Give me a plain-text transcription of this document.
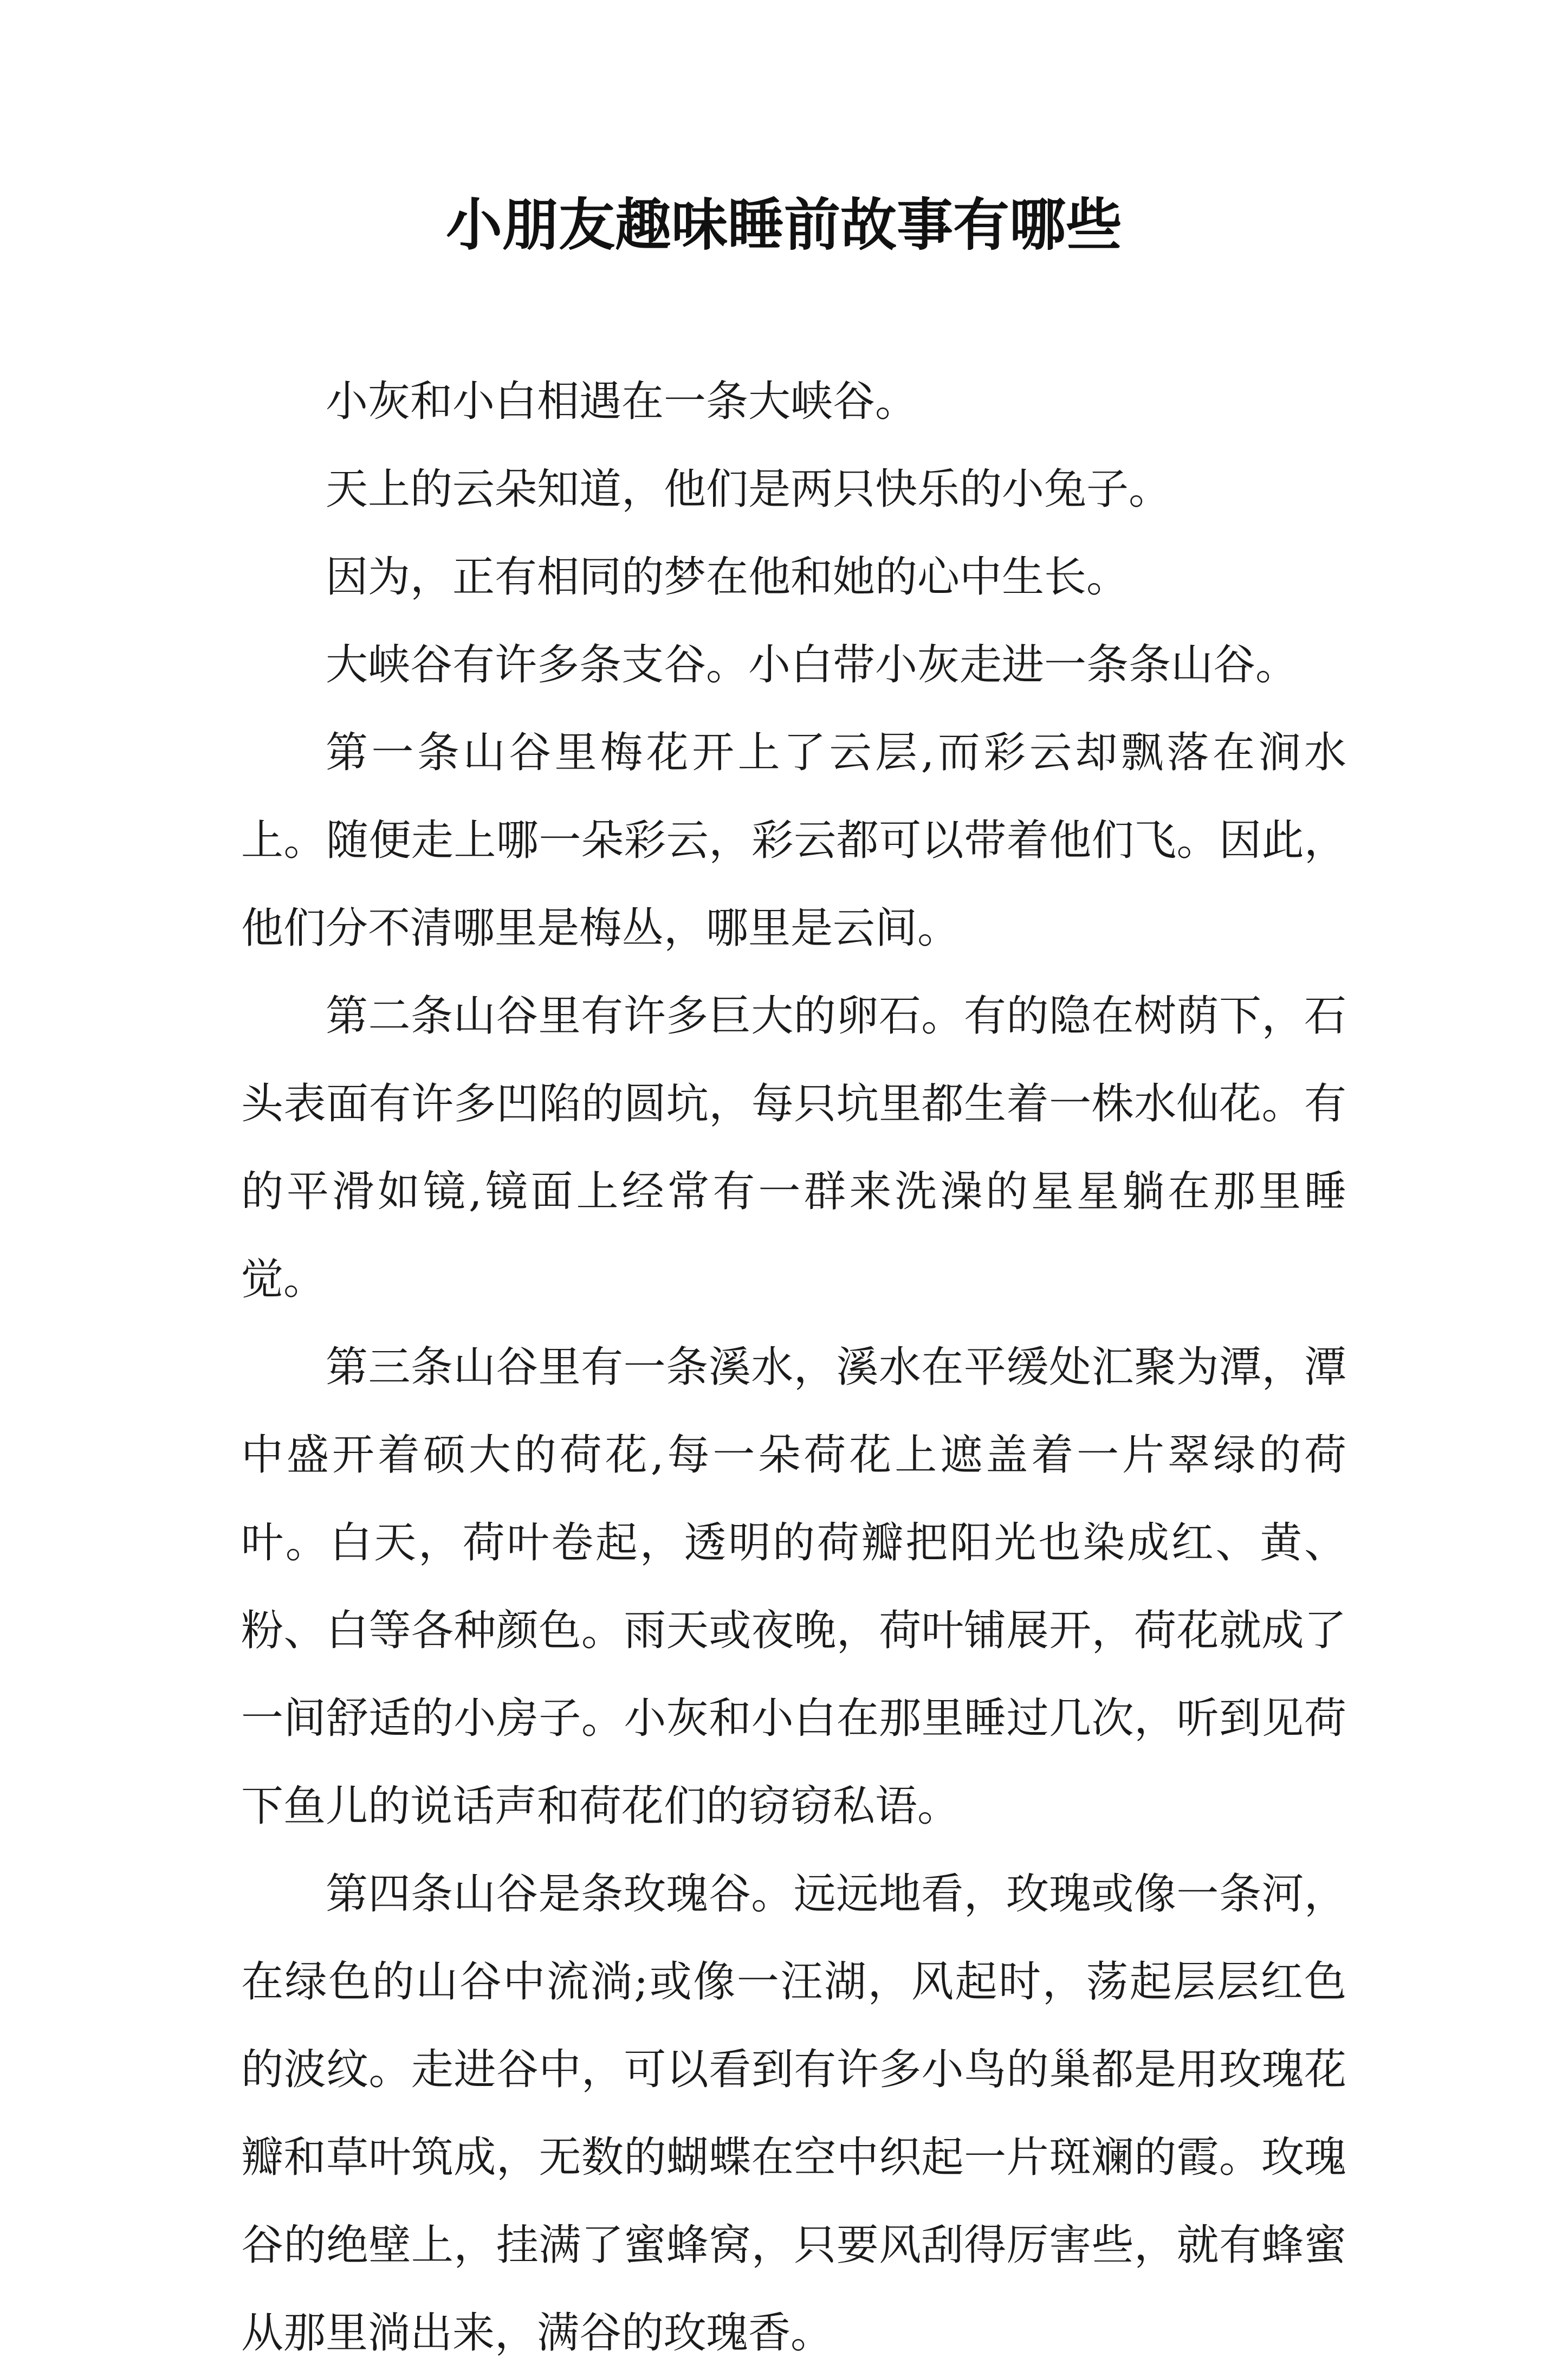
小朋友趣味睡前故事有哪些

小灰和小白相遇在一条大峡谷。

天上的云朵知道，他们是两只快乐的小兔子。

因为，正有相同的梦在他和她的心中生长。

大峡谷有许多条支谷。小白带小灰走进一条条山谷。

第一条山谷里梅花开上了云层,而彩云却飘落在涧水上。随便走上哪一朵彩云，彩云都可以带着他们飞。因此，他们分不清哪里是梅丛，哪里是云间。

第二条山谷里有许多巨大的卵石。有的隐在树荫下，石头表面有许多凹陷的圆坑，每只坑里都生着一株水仙花。有的平滑如镜,镜面上经常有一群来洗澡的星星躺在那里睡觉。

第三条山谷里有一条溪水，溪水在平缓处汇聚为潭，潭中盛开着硕大的荷花,每一朵荷花上遮盖着一片翠绿的荷叶。白天，荷叶卷起，透明的荷瓣把阳光也染成红、黄、粉、白等各种颜色。雨天或夜晚，荷叶铺展开，荷花就成了一间舒适的小房子。小灰和小白在那里睡过几次，听到见荷下鱼儿的说话声和荷花们的窃窃私语。

第四条山谷是条玫瑰谷。远远地看，玫瑰或像一条河，在绿色的山谷中流淌;或像一汪湖，风起时，荡起层层红色的波纹。走进谷中，可以看到有许多小鸟的巢都是用玫瑰花瓣和草叶筑成，无数的蝴蝶在空中织起一片斑斓的霞。玫瑰谷的绝壁上，挂满了蜜蜂窝，只要风刮得厉害些，就有蜂蜜从那里淌出来，满谷的玫瑰香。
